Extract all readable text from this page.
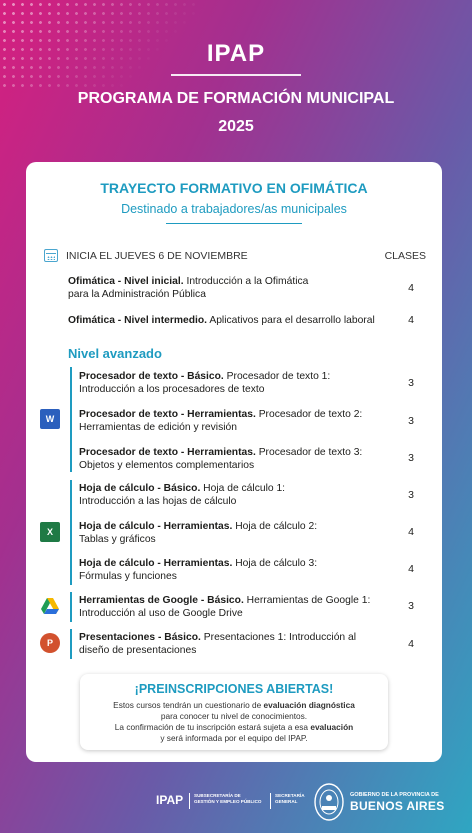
IPAP
PROGRAMA DE FORMACIÓN MUNICIPAL
2025
TRAYECTO FORMATIVO EN OFIMÁTICA
Destinado a trabajadores/as municipales
INICIA EL JUEVES 6 DE NOVIEMBRE	CLASES
Ofimática - Nivel inicial. Introducción a la Ofimática
para la Administración Pública
4
Ofimática - Nivel intermedio. Aplicativos para el desarrollo laboral	4
Nivel avanzado
W
X
P
Procesador de texto - Básico. Procesador de texto 1:
Introducción a los procesadores de texto
3
Procesador de texto - Herramientas. Procesador de texto 2:
Herramientas de edición y revisión
3
Procesador de texto - Herramientas. Procesador de texto 3:
Objetos y elementos complementarios
3
Hoja de cálculo - Básico. Hoja de cálculo 1:
Introducción a las hojas de cálculo
3
Hoja de cálculo - Herramientas. Hoja de cálculo 2:
Tablas y gráficos
4
Hoja de cálculo - Herramientas. Hoja de cálculo 3:
Fórmulas y funciones
4
Herramientas de Google - Básico. Herramientas de Google 1:
Introducción al uso de Google Drive
3
Presentaciones - Básico. Presentaciones 1: Introducción al
diseño de presentaciones
4
¡PREINSCRIPCIONES ABIERTAS!
Estos cursos tendrán un cuestionario de evaluación diagnóstica
para conocer tu nivel de conocimientos.
La confirmación de tu inscripción estará sujeta a esa evaluación
y será informada por el equipo del IPAP.
IPAP SUBSECRETARÍA DE
GESTIÓN Y EMPLEO PÚBLICO
SECRETARÍA
GENERAL
GOBIERNO DE LA PROVINCIA DE
BUENOS AIRES
